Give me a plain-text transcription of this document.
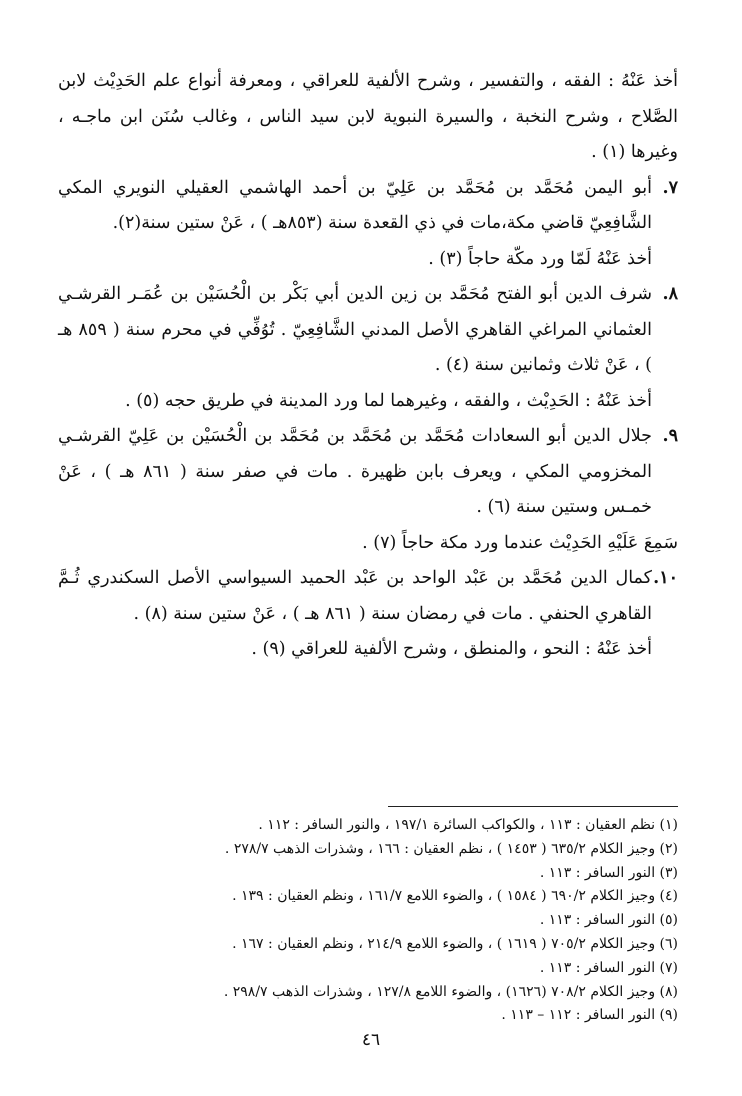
أخذ عَنْهُ : الفقه ، والتفسير ، وشرح الألفية للعراقي ، ومعرفة أنواع علم الحَدِيْث لابن الصَّلاح ، وشرح النخبة ، والسيرة النبوية لابن سيد الناس ، وغالب سُنَن ابن ماجـه ، وغيرها (١) .

٧.
أبو اليمن مُحَمَّد بن مُحَمَّد بن عَلِيّ بن أحمد الهاشمي العقيلي النويري المكي الشَّافِعِيّ قاضي مكة،مات في ذي القعدة سنة (٨٥٣هـ ) ، عَنْ ستين سنة(٢).

أخذ عَنْهُ لَمّا ورد مكّة حاجاً (٣) .

٨.
شرف الدين أبو الفتح مُحَمَّد بن زين الدين أبي بَكْر بن الْحُسَيْن بن عُمَـر القرشـي العثماني المراغي القاهري الأصل المدني الشَّافِعِيّ . تُوُفِّي في محرم سنة ( ٨٥٩ هـ ) ، عَنْ ثلاث وثمانين سنة (٤) .

أخذ عَنْهُ : الحَدِيْث ، والفقه ، وغيرهما لما ورد المدينة في طريق حجه (٥) .

٩.
جلال الدين أبو السعادات مُحَمَّد بن مُحَمَّد بن مُحَمَّد بن الْحُسَيْن بن عَلِيّ القرشـي المخزومي المكي ، ويعرف بابن ظهيرة . مات في صفر سنة ( ٨٦١ هـ ) ، عَنْ خمـس وستين سنة (٦) .

سَمِعَ عَلَيْهِ الحَدِيْث عندما ورد مكة حاجاً (٧) .

١٠.
كمال الدين مُحَمَّد بن عَبْد الواحد بن عَبْد الحميد السيواسي الأصل السكندري ثُـمَّ القاهري الحنفي . مات في رمضان سنة ( ٨٦١ هـ ) ، عَنْ ستين سنة (٨) .

أخذ عَنْهُ : النحو ، والمنطق ، وشرح الألفية للعراقي (٩) .

(١) نظم العقيان : ١١٣ ، والكواكب السائرة ١٩٧/١ ، والنور السافر : ١١٢ .
(٢) وجيز الكلام ٦٣٥/٢ ( ١٤٥٣ ) ، نظم العقيان : ١٦٦ ، وشذرات الذهب ٢٧٨/٧ .
(٣) النور السافر : ١١٣ .
(٤) وجيز الكلام ٦٩٠/٢ ( ١٥٨٤ ) ، والضوء اللامع ١٦١/٧ ، ونظم العقيان : ١٣٩ .
(٥) النور السافر : ١١٣ .
(٦) وجيز الكلام ٧٠٥/٢ ( ١٦١٩ ) ، والضوء اللامع ٢١٤/٩ ، ونظم العقيان : ١٦٧ .
(٧) النور السافر : ١١٣ .
(٨) وجيز الكلام ٧٠٨/٢ (١٦٢٦) ، والضوء اللامع ١٢٧/٨ ، وشذرات الذهب ٢٩٨/٧ .
(٩) النور السافر : ١١٢ – ١١٣ .
٤٦
